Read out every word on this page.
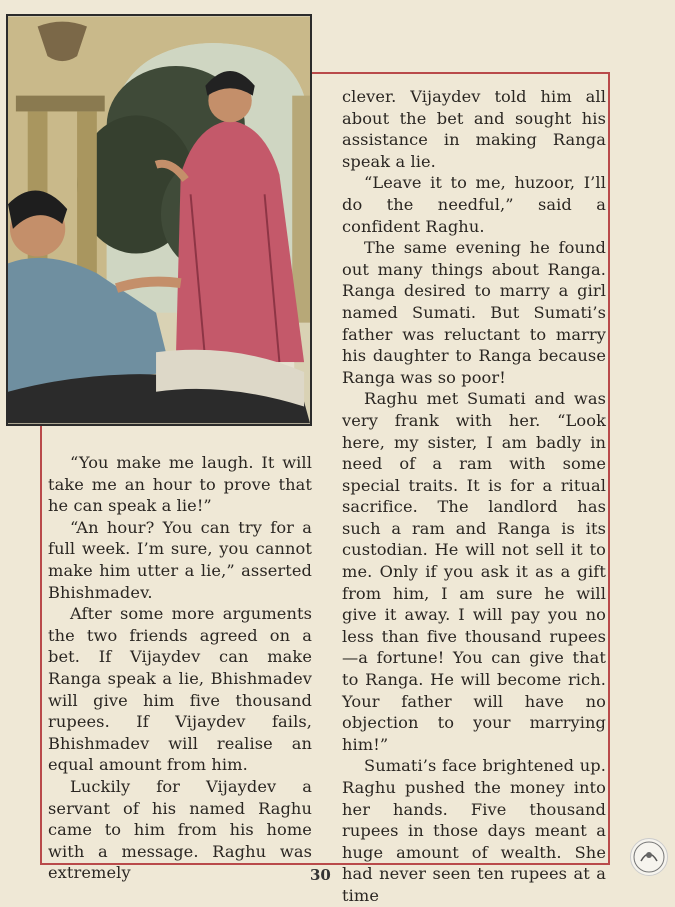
“You make me laugh. It will take me an hour to prove that he can speak a lie!”

“An hour? You can try for a full week. I’m sure, you cannot make him utter a lie,” asserted Bhishmadev.

After some more arguments the two friends agreed on a bet. If Vijaydev can make Ranga speak a lie, Bhishmadev will give him five thousand rupees. If Vijaydev fails, Bhishmadev will realise an equal amount from him.

Luckily for Vijaydev a servant of his named Raghu came to him from his home with a message. Raghu was extremely

clever. Vijaydev told him all about the bet and sought his assistance in making Ranga speak a lie.

“Leave it to me, huzoor, I’ll do the needful,” said a confident Raghu.

The same evening he found out many things about Ranga. Ranga desired to marry a girl named Sumati. But Sumati’s father was reluctant to marry his daughter to Ranga because Ranga was so poor!

Raghu met Sumati and was very frank with her. “Look here, my sister, I am badly in need of a ram with some special traits. It is for a ritual sacrifice. The landlord has such a ram and Ranga is its custodian. He will not sell it to me. Only if you ask it as a gift from him, I am sure he will give it away. I will pay you no less than five thousand rupees—a fortune! You can give that to Ranga. He will become rich. Your father will have no objection to your marrying him!”

Sumati’s face brightened up. Raghu pushed the money into her hands. Five thousand rupees in those days meant a huge amount of wealth. She had never seen ten rupees at a time

30
